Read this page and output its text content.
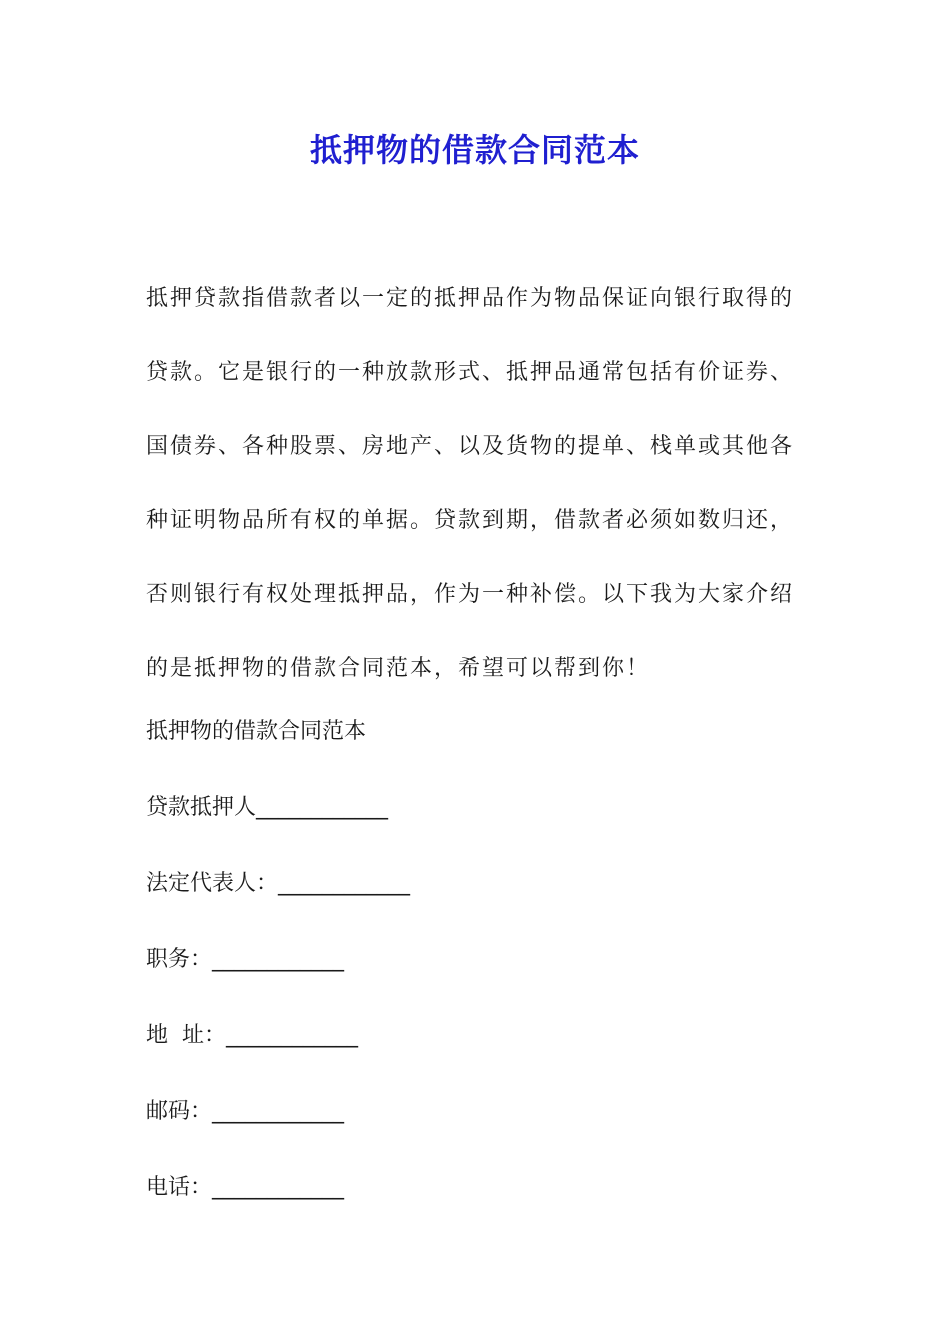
抵押物的借款合同范本
抵押贷款指借款者以一定的抵押品作为物品保证向银行取得的
贷款。它是银行的一种放款形式、抵押品通常包括有价证券、
国债券、各种股票、房地产、以及货物的提单、栈单或其他各
种证明物品所有权的单据。贷款到期，借款者必须如数归还，
否则银行有权处理抵押品，作为一种补偿。以下我为大家介绍
的是抵押物的借款合同范本，希望可以帮到你！
抵押物的借款合同范本
贷款抵押人____________
法定代表人：____________
职务：____________
地  址：____________
邮码：____________
电话：____________
